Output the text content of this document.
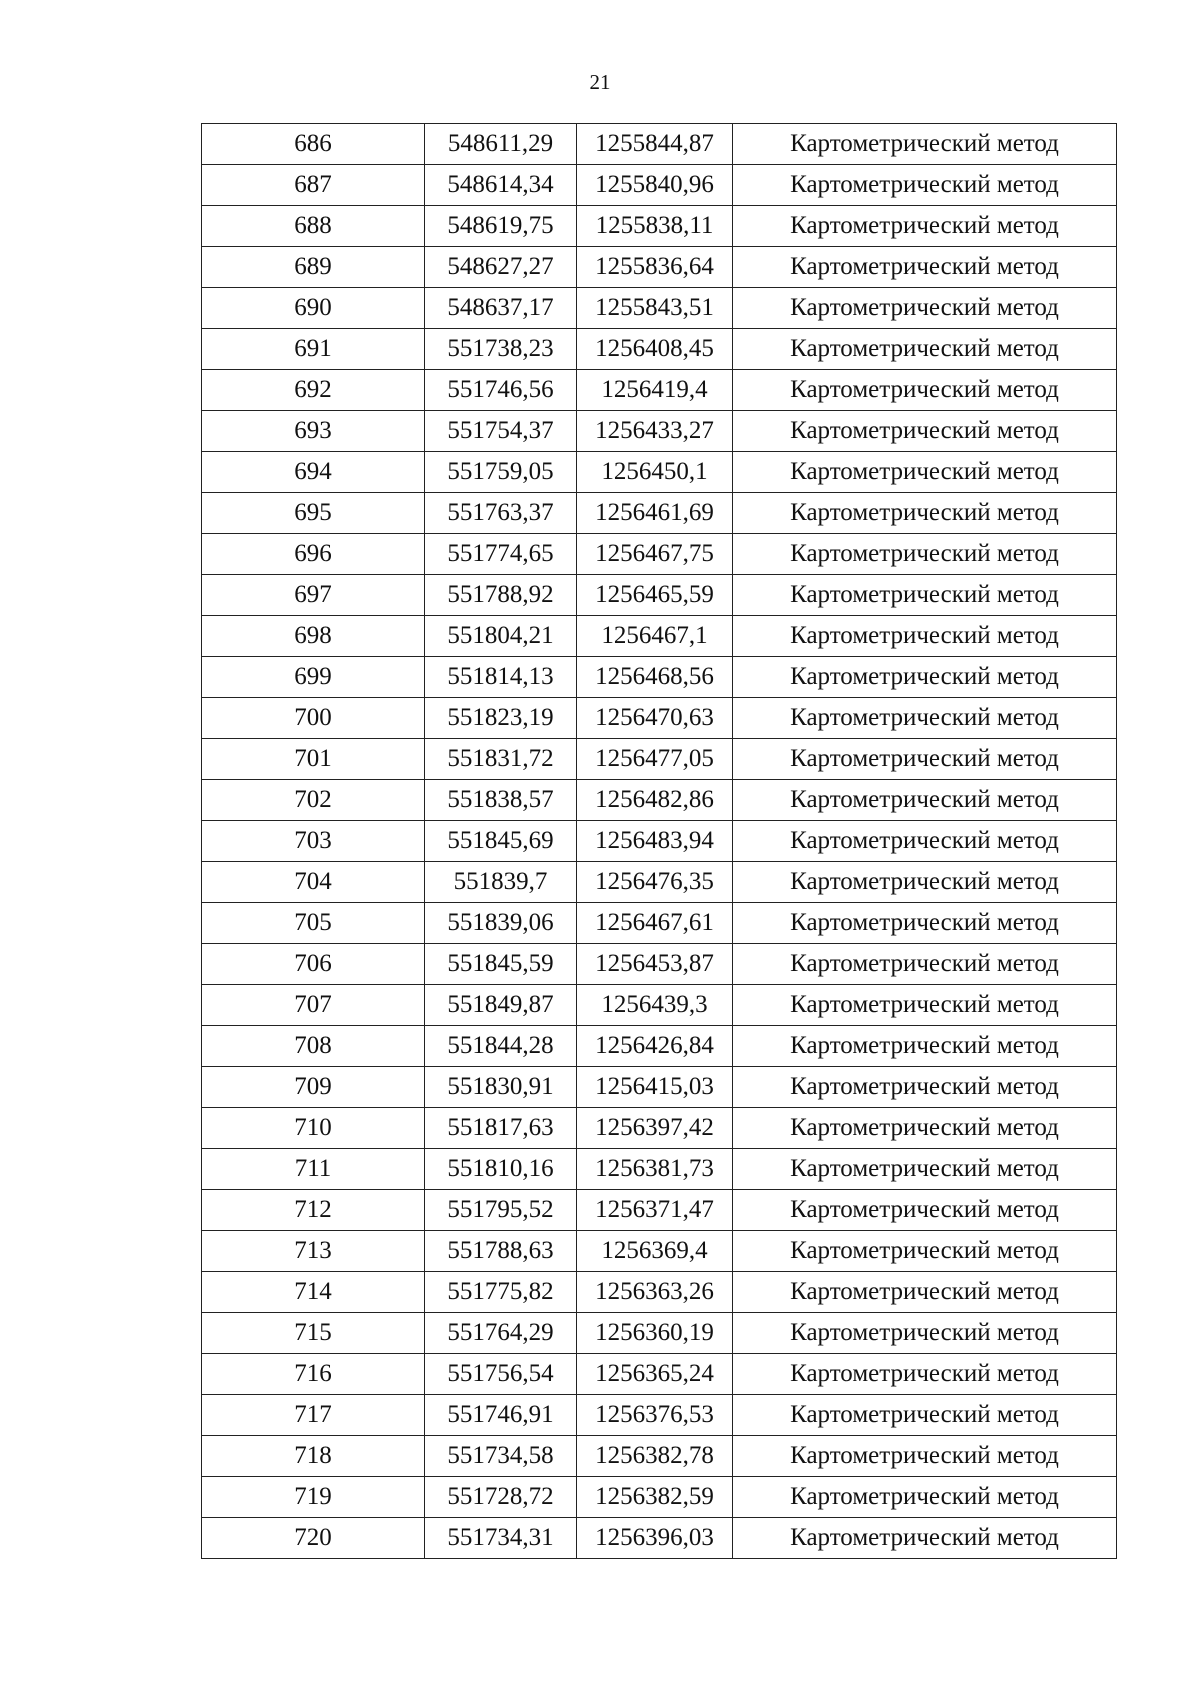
21
686	548611,29	1255844,87	Картометрический метод
687	548614,34	1255840,96	Картометрический метод
688	548619,75	1255838,11	Картометрический метод
689	548627,27	1255836,64	Картометрический метод
690	548637,17	1255843,51	Картометрический метод
691	551738,23	1256408,45	Картометрический метод
692	551746,56	1256419,4	Картометрический метод
693	551754,37	1256433,27	Картометрический метод
694	551759,05	1256450,1	Картометрический метод
695	551763,37	1256461,69	Картометрический метод
696	551774,65	1256467,75	Картометрический метод
697	551788,92	1256465,59	Картометрический метод
698	551804,21	1256467,1	Картометрический метод
699	551814,13	1256468,56	Картометрический метод
700	551823,19	1256470,63	Картометрический метод
701	551831,72	1256477,05	Картометрический метод
702	551838,57	1256482,86	Картометрический метод
703	551845,69	1256483,94	Картометрический метод
704	551839,7	1256476,35	Картометрический метод
705	551839,06	1256467,61	Картометрический метод
706	551845,59	1256453,87	Картометрический метод
707	551849,87	1256439,3	Картометрический метод
708	551844,28	1256426,84	Картометрический метод
709	551830,91	1256415,03	Картометрический метод
710	551817,63	1256397,42	Картометрический метод
711	551810,16	1256381,73	Картометрический метод
712	551795,52	1256371,47	Картометрический метод
713	551788,63	1256369,4	Картометрический метод
714	551775,82	1256363,26	Картометрический метод
715	551764,29	1256360,19	Картометрический метод
716	551756,54	1256365,24	Картометрический метод
717	551746,91	1256376,53	Картометрический метод
718	551734,58	1256382,78	Картометрический метод
719	551728,72	1256382,59	Картометрический метод
720	551734,31	1256396,03	Картометрический метод
